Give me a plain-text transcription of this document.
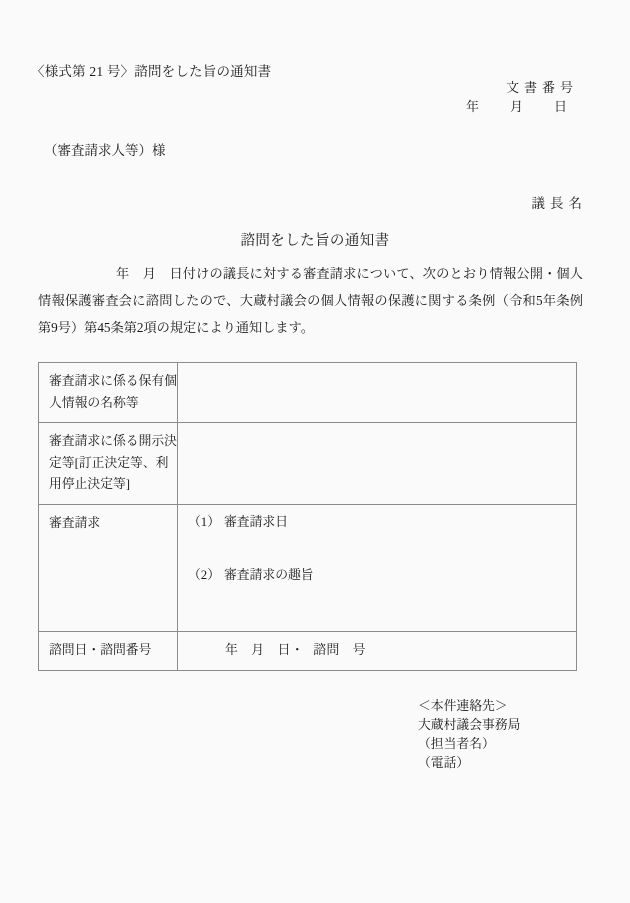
〈様式第 21 号〉諮問をした旨の通知書
文書番号
年　月　日
（審査請求人等）様
議長名
諮問をした旨の通知書
年　月　日付けの議長に対する審査請求について、次のとおり情報公開・個人情報保護審査会に諮問したので、大蔵村議会の個人情報の保護に関する条例（令和5年条例第9号）第45条第2項の規定により通知します。
審査請求に係る保有個人情報の名称等	
審査請求に係る開示決定等[訂正決定等、利用停止決定等]	
審査請求	（1） 審査請求日
（2） 審査請求の趣旨

諮問日・諮問番号	年 月 日・ 諮問 号
＜本件連絡先＞
大蔵村議会事務局
（担当者名）
（電話）
